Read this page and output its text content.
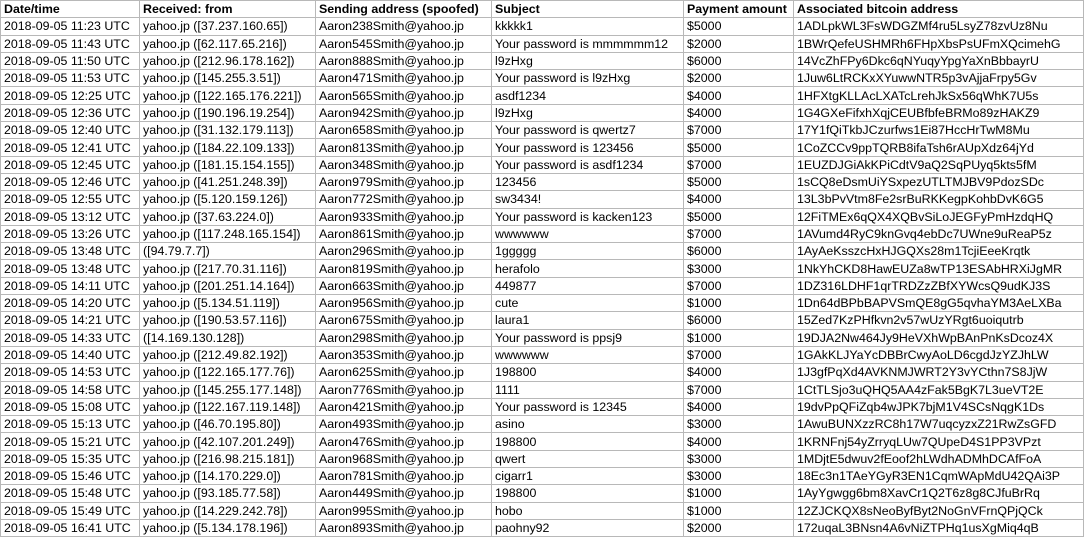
Date/time	Received: from	Sending address (spoofed)	Subject	Payment amount	Associated bitcoin address
2018-09-05 11:23 UTC	yahoo.jp ([37.237.160.65])	Aaron238Smith@yahoo.jp	kkkkk1	$5000	1ADLpkWL3FsWDGZMf4ru5LsyZ78zvUz8Nu
2018-09-05 11:43 UTC	yahoo.jp ([62.117.65.216])	Aaron545Smith@yahoo.jp	Your password is mmmmmm12	$2000	1BWrQefeUSHMRh6FHpXbsPsUFmXQcimehG
2018-09-05 11:50 UTC	yahoo.jp ([212.96.178.162])	Aaron888Smith@yahoo.jp	l9zHxg	$6000	14VcZhFPy6Dkc6qNYuqyYpgYaXnBbbayrU
2018-09-05 11:53 UTC	yahoo.jp ([145.255.3.51])	Aaron471Smith@yahoo.jp	Your password is l9zHxg	$2000	1Juw6LtRCKxXYuwwNTR5p3vAjjaFrpy5Gv
2018-09-05 12:25 UTC	yahoo.jp ([122.165.176.221])	Aaron565Smith@yahoo.jp	asdf1234	$4000	1HFXtgKLLAcLXATcLrehJkSx56qWhK7U5s
2018-09-05 12:36 UTC	yahoo.jp ([190.196.19.254])	Aaron942Smith@yahoo.jp	l9zHxg	$4000	1G4GXeFifxhXqjCEUBfbfeBRMo89zHAKZ9
2018-09-05 12:40 UTC	yahoo.jp ([31.132.179.113])	Aaron658Smith@yahoo.jp	Your password is qwertz7	$7000	17Y1fQiTkbJCzurfws1Ei87HccHrTwM8Mu
2018-09-05 12:41 UTC	yahoo.jp ([184.22.109.133])	Aaron813Smith@yahoo.jp	Your password is 123456	$5000	1CoZCCv9ppTQRB8ifaTsh6rAUpXdz64jYd
2018-09-05 12:45 UTC	yahoo.jp ([181.15.154.155])	Aaron348Smith@yahoo.jp	Your password is asdf1234	$7000	1EUZDJGiAkKPiCdtV9aQ2SqPUyq5kts5fM
2018-09-05 12:46 UTC	yahoo.jp ([41.251.248.39])	Aaron979Smith@yahoo.jp	123456	$5000	1sCQ8eDsmUiYSxpezUTLTMJBV9PdozSDc
2018-09-05 12:55 UTC	yahoo.jp ([5.120.159.126])	Aaron772Smith@yahoo.jp	sw3434!	$4000	13L3bPvVtm8Fe2srBuRKKegpKohbDvK6G5
2018-09-05 13:12 UTC	yahoo.jp ([37.63.224.0])	Aaron933Smith@yahoo.jp	Your password is kacken123	$5000	12FiTMEx6qQX4XQBvSiLoJEGFyPmHzdqHQ
2018-09-05 13:26 UTC	yahoo.jp ([117.248.165.154])	Aaron861Smith@yahoo.jp	wwwwww	$7000	1AVumd4RyC9knGvq4ebDc7UWne9uReaP5z
2018-09-05 13:48 UTC	([94.79.7.7])	Aaron296Smith@yahoo.jp	1ggggg	$6000	1AyAeKsszcHxHJGQXs28m1TcjiEeeKrqtk
2018-09-05 13:48 UTC	yahoo.jp ([217.70.31.116])	Aaron819Smith@yahoo.jp	herafolo	$3000	1NkYhCKD8HawEUZa8wTP13ESAbHRXiJgMR
2018-09-05 14:11 UTC	yahoo.jp ([201.251.14.164])	Aaron663Smith@yahoo.jp	449877	$7000	1DZ316LDHF1qrTRDZzZBfXYWcsQ9udKJ3S
2018-09-05 14:20 UTC	yahoo.jp ([5.134.51.119])	Aaron956Smith@yahoo.jp	cute	$1000	1Dn64dBPbBAPVSmQE8gG5qvhaYM3AeLXBa
2018-09-05 14:21 UTC	yahoo.jp ([190.53.57.116])	Aaron675Smith@yahoo.jp	laura1	$6000	15Zed7KzPHfkvn2v57wUzYRgt6uoiqutrb
2018-09-05 14:33 UTC	([14.169.130.128])	Aaron298Smith@yahoo.jp	Your password is ppsj9	$1000	19DJA2Nw464Jy9HeVXhWpBAnPnKsDcoz4X
2018-09-05 14:40 UTC	yahoo.jp ([212.49.82.192])	Aaron353Smith@yahoo.jp	wwwwww	$7000	1GAkKLJYaYcDBBrCwyAoLD6cgdJzYZJhLW
2018-09-05 14:53 UTC	yahoo.jp ([122.165.177.76])	Aaron625Smith@yahoo.jp	198800	$4000	1J3gfPqXd4AVKNMJWRT2Y3vYCthn7S8JjW
2018-09-05 14:58 UTC	yahoo.jp ([145.255.177.148])	Aaron776Smith@yahoo.jp	1111	$7000	1CtTLSjo3uQHQ5AA4zFak5BgK7L3ueVT2E
2018-09-05 15:08 UTC	yahoo.jp ([122.167.119.148])	Aaron421Smith@yahoo.jp	Your password is 12345	$4000	19dvPpQFiZqb4wJPK7bjM1V4SCsNqgK1Ds
2018-09-05 15:13 UTC	yahoo.jp ([46.70.195.80])	Aaron493Smith@yahoo.jp	asino	$3000	1AwuBUNXzzRC8h17W7uqcyzxZ21RwZsGFD
2018-09-05 15:21 UTC	yahoo.jp ([42.107.201.249])	Aaron476Smith@yahoo.jp	198800	$4000	1KRNFnj54yZrryqLUw7QUpeD4S1PP3VPzt
2018-09-05 15:35 UTC	yahoo.jp ([216.98.215.181])	Aaron968Smith@yahoo.jp	qwert	$3000	1MDjtE5dwuv2fEoof2hLWdhADMhDCAfFoA
2018-09-05 15:46 UTC	yahoo.jp ([14.170.229.0])	Aaron781Smith@yahoo.jp	cigarr1	$3000	18Ec3n1TAeYGyR3EN1CqmWApMdU42QAi3P
2018-09-05 15:48 UTC	yahoo.jp ([93.185.77.58])	Aaron449Smith@yahoo.jp	198800	$1000	1AyYgwgg6bm8XavCr1Q2T6z8g8CJfuBrRq
2018-09-05 15:49 UTC	yahoo.jp ([14.229.242.78])	Aaron995Smith@yahoo.jp	hobo	$1000	12ZJCKQX8sNeoByfByt2NoGnVFrnQPjQCk
2018-09-05 16:41 UTC	yahoo.jp ([5.134.178.196])	Aaron893Smith@yahoo.jp	paohny92	$2000	172uqaL3BNsn4A6vNiZTPHq1usXgMiq4qB
